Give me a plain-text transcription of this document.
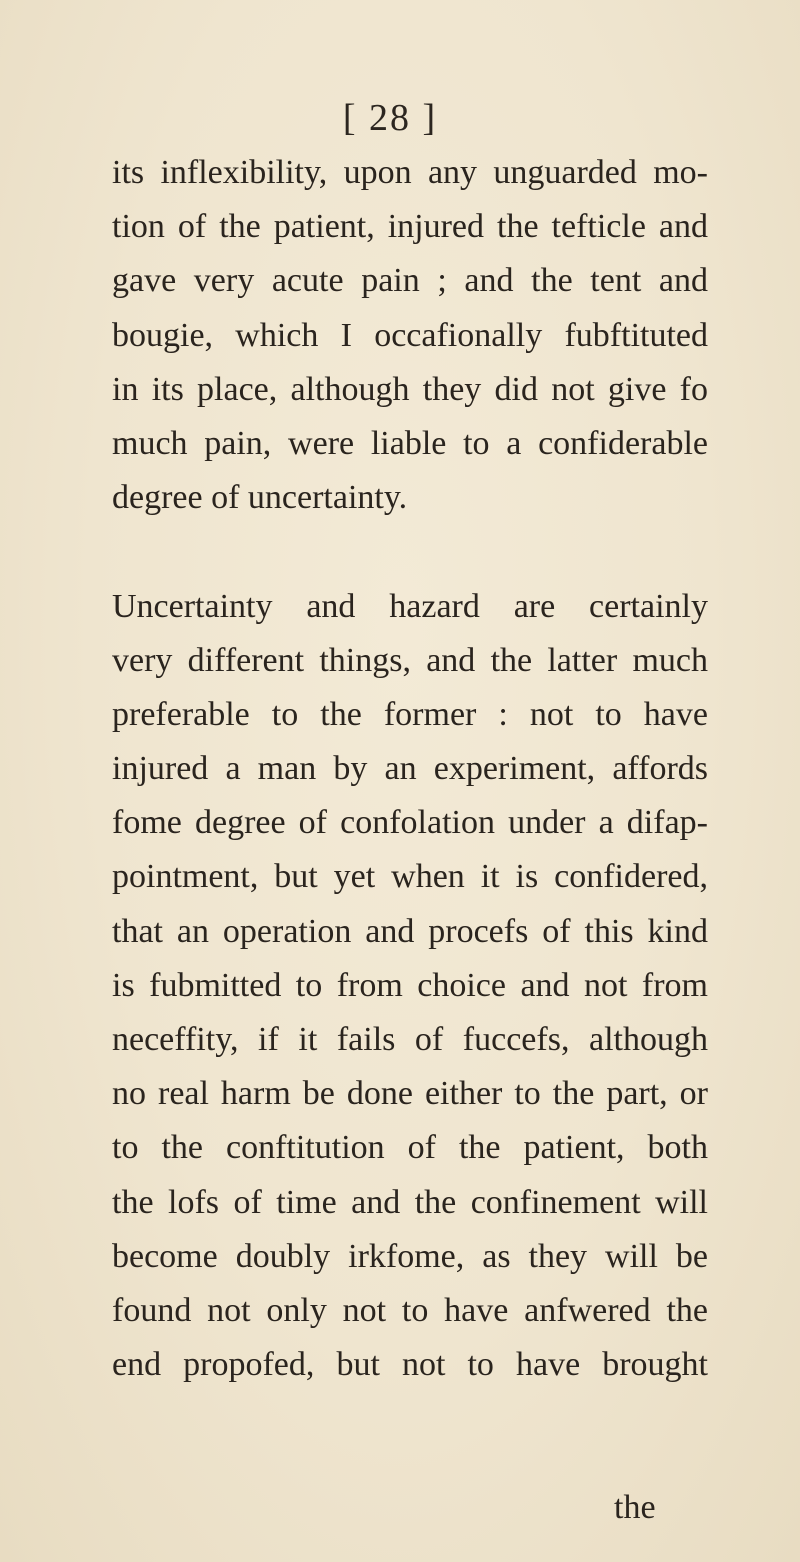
[ 28 ]
its inflexibility, upon any unguarded mo-
tion of the patient, injured the tefticle and
gave very acute pain ; and the tent and
bougie, which I occafionally fubftituted
in its place, although they did not give fo
much pain, were liable to a confiderable
degree of uncertainty.
Uncertainty and hazard are certainly
very different things, and the latter much
preferable to the former : not to have
injured a man by an experiment, affords
fome degree of confolation under a difap-
pointment, but yet when it is confidered,
that an operation and procefs of this kind
is fubmitted to from choice and not from
neceffity, if it fails of fuccefs, although
no real harm be done either to the part, or
to the conftitution of the patient, both
the lofs of time and the confinement will
become doubly irkfome, as they will be
found not only not to have anfwered the
end propofed, but not to have brought
the
